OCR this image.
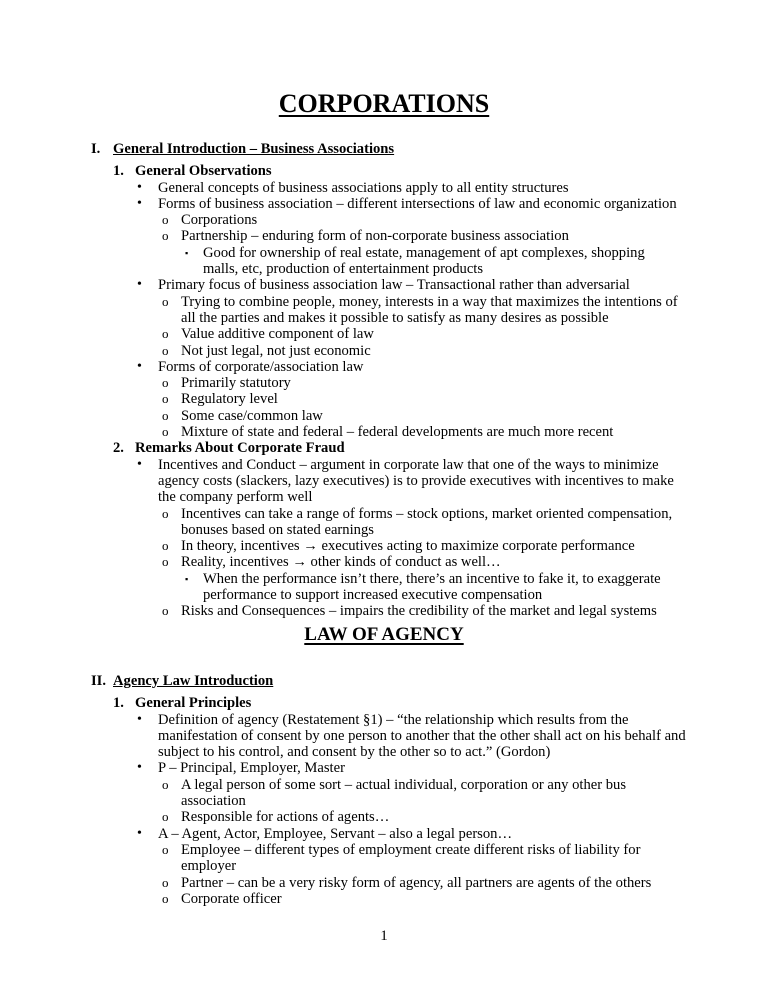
CORPORATIONS
I. General Introduction – Business Associations
1. General Observations
• General concepts of business associations apply to all entity structures
• Forms of business association – different intersections of law and economic organization
o Corporations
o Partnership – enduring form of non-corporate business association
▪ Good for ownership of real estate, management of apt complexes, shopping malls, etc, production of entertainment products
• Primary focus of business association law – Transactional rather than adversarial
o Trying to combine people, money, interests in a way that maximizes the intentions of all the parties and makes it possible to satisfy as many desires as possible
o Value additive component of law
o Not just legal, not just economic
• Forms of corporate/association law
o Primarily statutory
o Regulatory level
o Some case/common law
o Mixture of state and federal – federal developments are much more recent
2. Remarks About Corporate Fraud
• Incentives and Conduct – argument in corporate law that one of the ways to minimize agency costs (slackers, lazy executives) is to provide executives with incentives to make the company perform well
o Incentives can take a range of forms – stock options, market oriented compensation, bonuses based on stated earnings
o In theory, incentives → executives acting to maximize corporate performance
o Reality, incentives → other kinds of conduct as well…
▪ When the performance isn’t there, there’s an incentive to fake it, to exaggerate performance to support increased executive compensation
o Risks and Consequences – impairs the credibility of the market and legal systems
LAW OF AGENCY
II. Agency Law Introduction
1. General Principles
• Definition of agency (Restatement §1) – “the relationship which results from the manifestation of consent by one person to another that the other shall act on his behalf and subject to his control, and consent by the other so to act.” (Gordon)
• P – Principal, Employer, Master
o A legal person of some sort – actual individual, corporation or any other bus association
o Responsible for actions of agents…
• A – Agent, Actor, Employee, Servant – also a legal person…
o Employee – different types of employment create different risks of liability for employer
o Partner – can be a very risky form of agency, all partners are agents of the others
o Corporate officer
1
